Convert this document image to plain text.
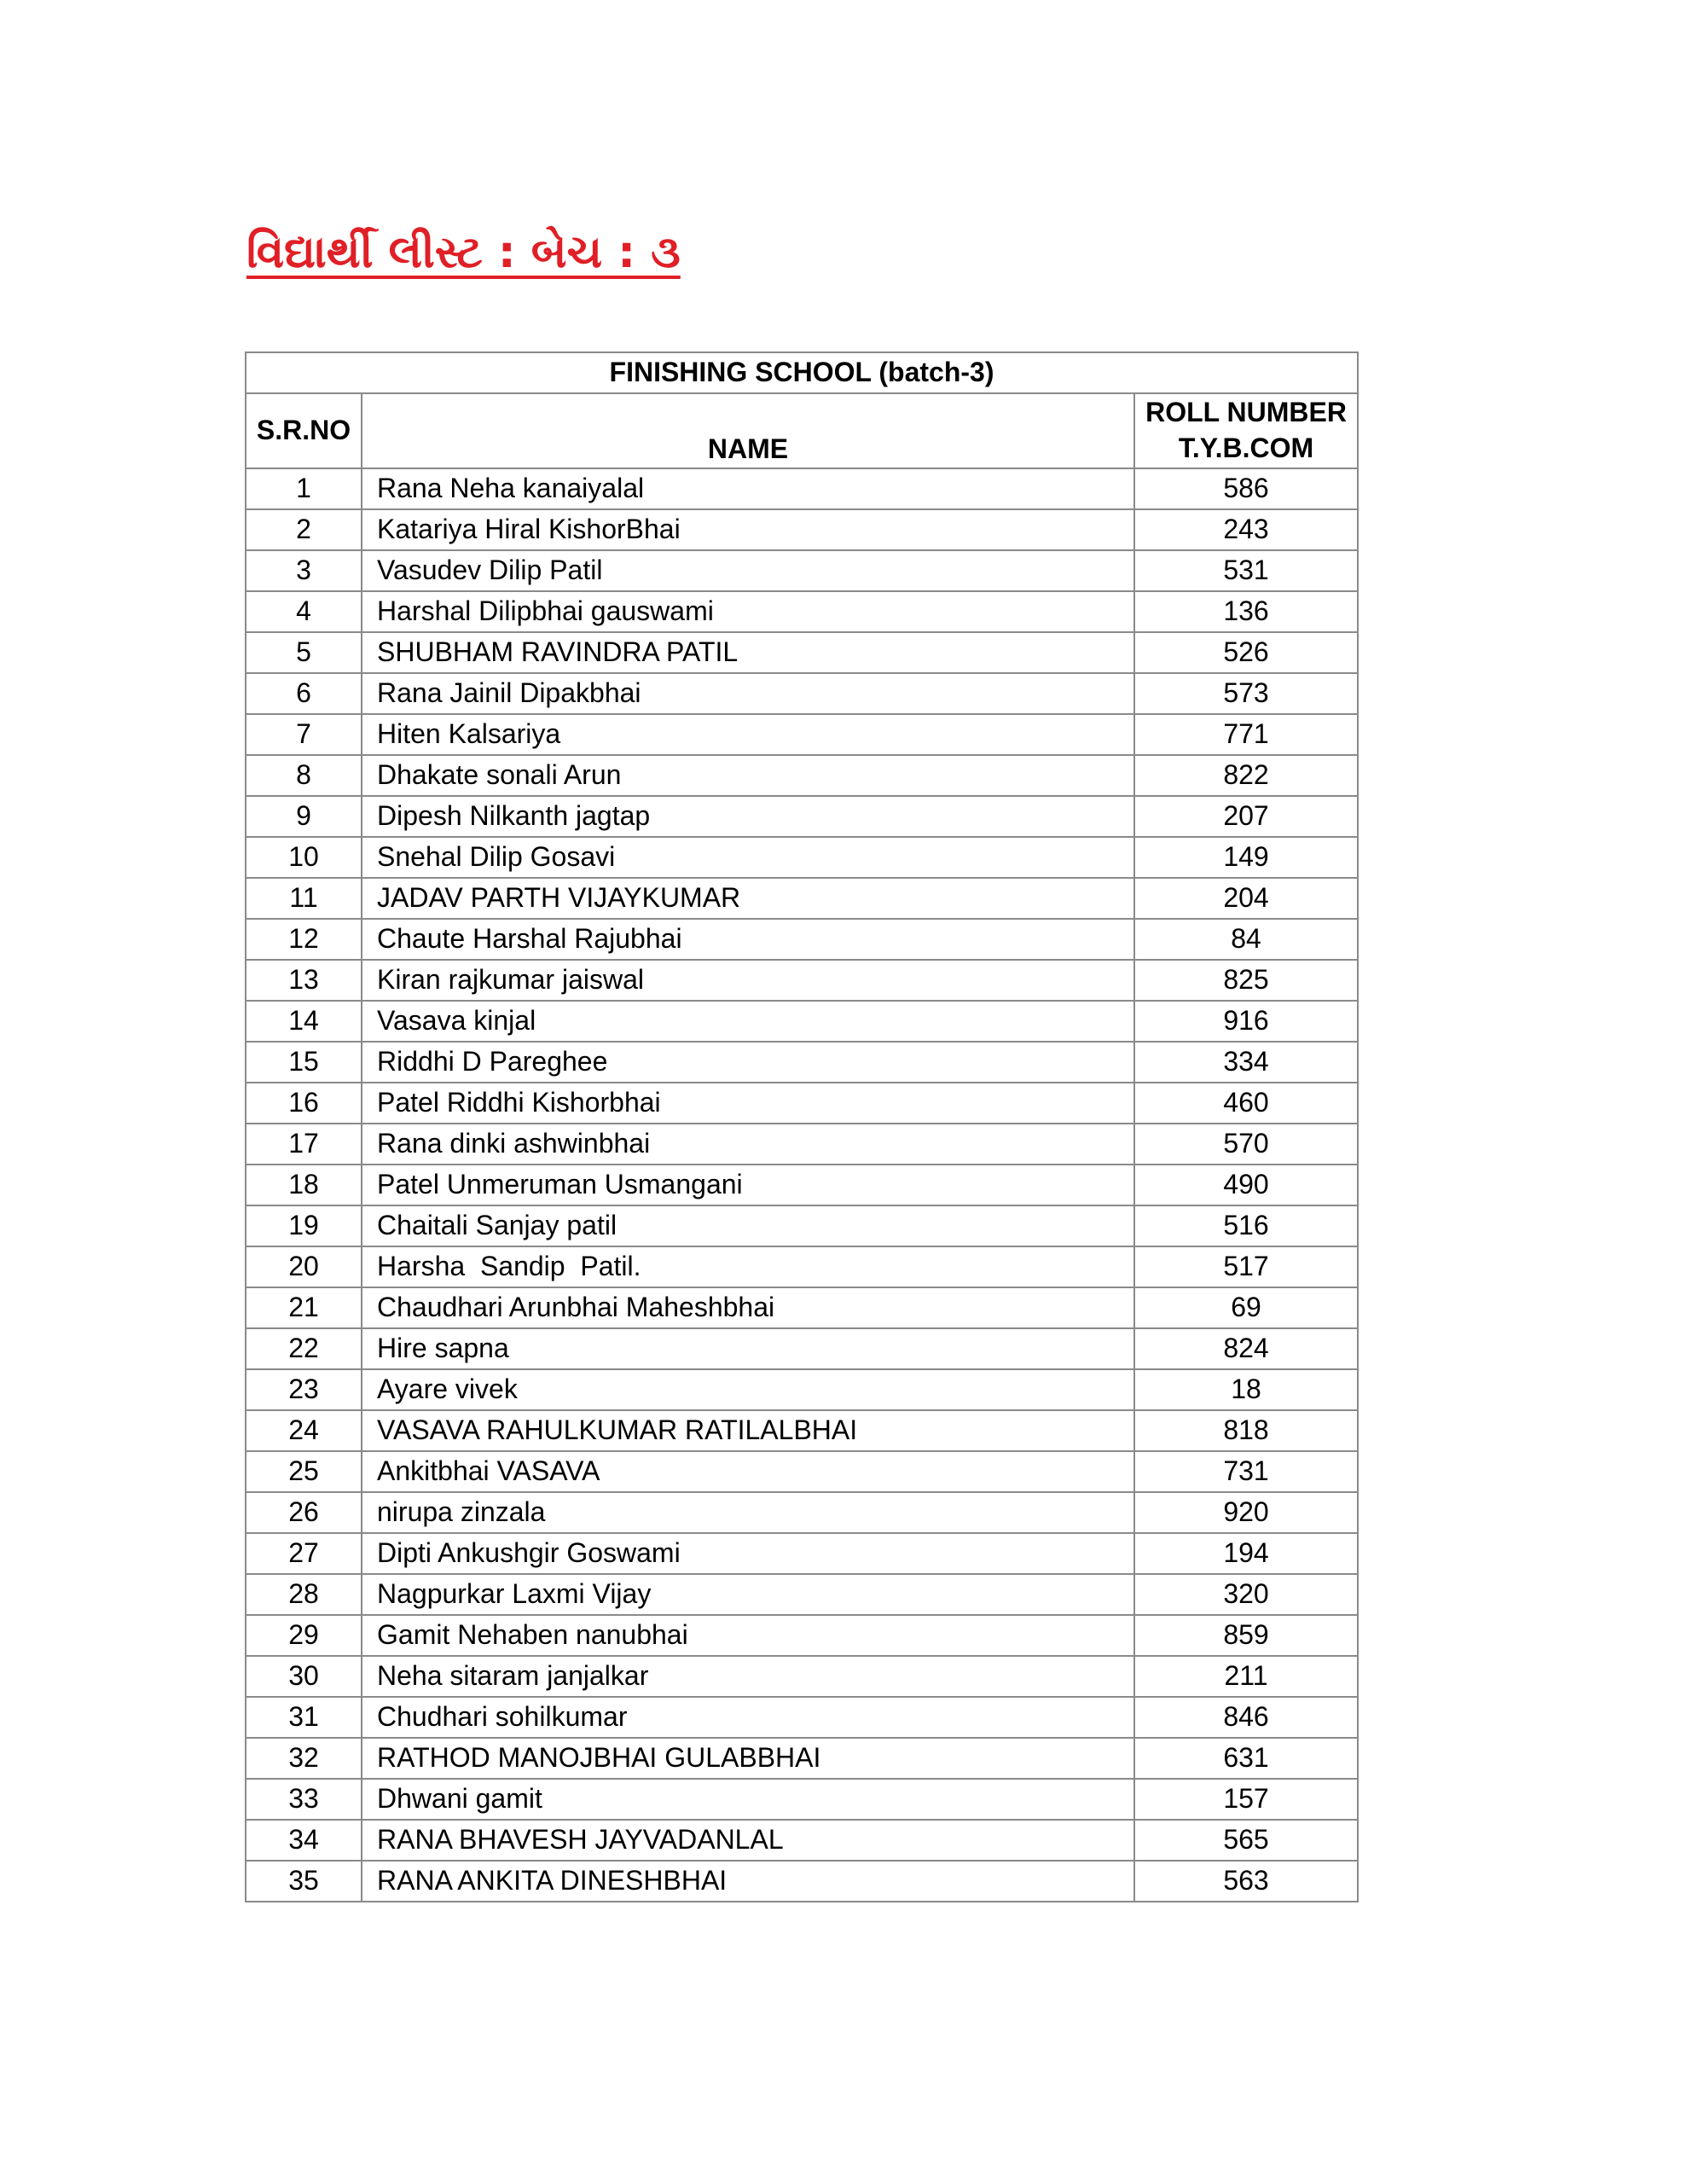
વિદ્યાર્થી લીસ્ટ : બેચ : ૩
FINISHING SCHOOL (batch-3)		
S.R.NO	NAME	ROLL NUMBER
T.Y.B.COM

1	Rana Neha kanaiyalal	586
2	Katariya Hiral KishorBhai	243
3	Vasudev Dilip Patil	531
4	Harshal Dilipbhai gauswami	136
5	SHUBHAM RAVINDRA PATIL	526
6	Rana Jainil Dipakbhai	573
7	Hiten Kalsariya	771
8	Dhakate sonali Arun	822
9	Dipesh Nilkanth jagtap	207
10	Snehal Dilip Gosavi	149
11	JADAV PARTH VIJAYKUMAR	204
12	Chaute Harshal Rajubhai	84
13	Kiran rajkumar jaiswal	825
14	Vasava kinjal	916
15	Riddhi D Pareghee	334
16	Patel Riddhi Kishorbhai	460
17	Rana dinki ashwinbhai	570
18	Patel Unmeruman Usmangani	490
19	Chaitali Sanjay patil	516
20	Harsha  Sandip  Patil.	517
21	Chaudhari Arunbhai Maheshbhai	69
22	Hire sapna	824
23	Ayare vivek	18
24	VASAVA RAHULKUMAR RATILALBHAI	818
25	Ankitbhai VASAVA	731
26	nirupa zinzala	920
27	Dipti Ankushgir Goswami	194
28	Nagpurkar Laxmi Vijay	320
29	Gamit Nehaben nanubhai	859
30	Neha sitaram janjalkar	211
31	Chudhari sohilkumar	846
32	RATHOD MANOJBHAI GULABBHAI	631
33	Dhwani gamit	157
34	RANA BHAVESH JAYVADANLAL	565
35	RANA ANKITA DINESHBHAI	563
